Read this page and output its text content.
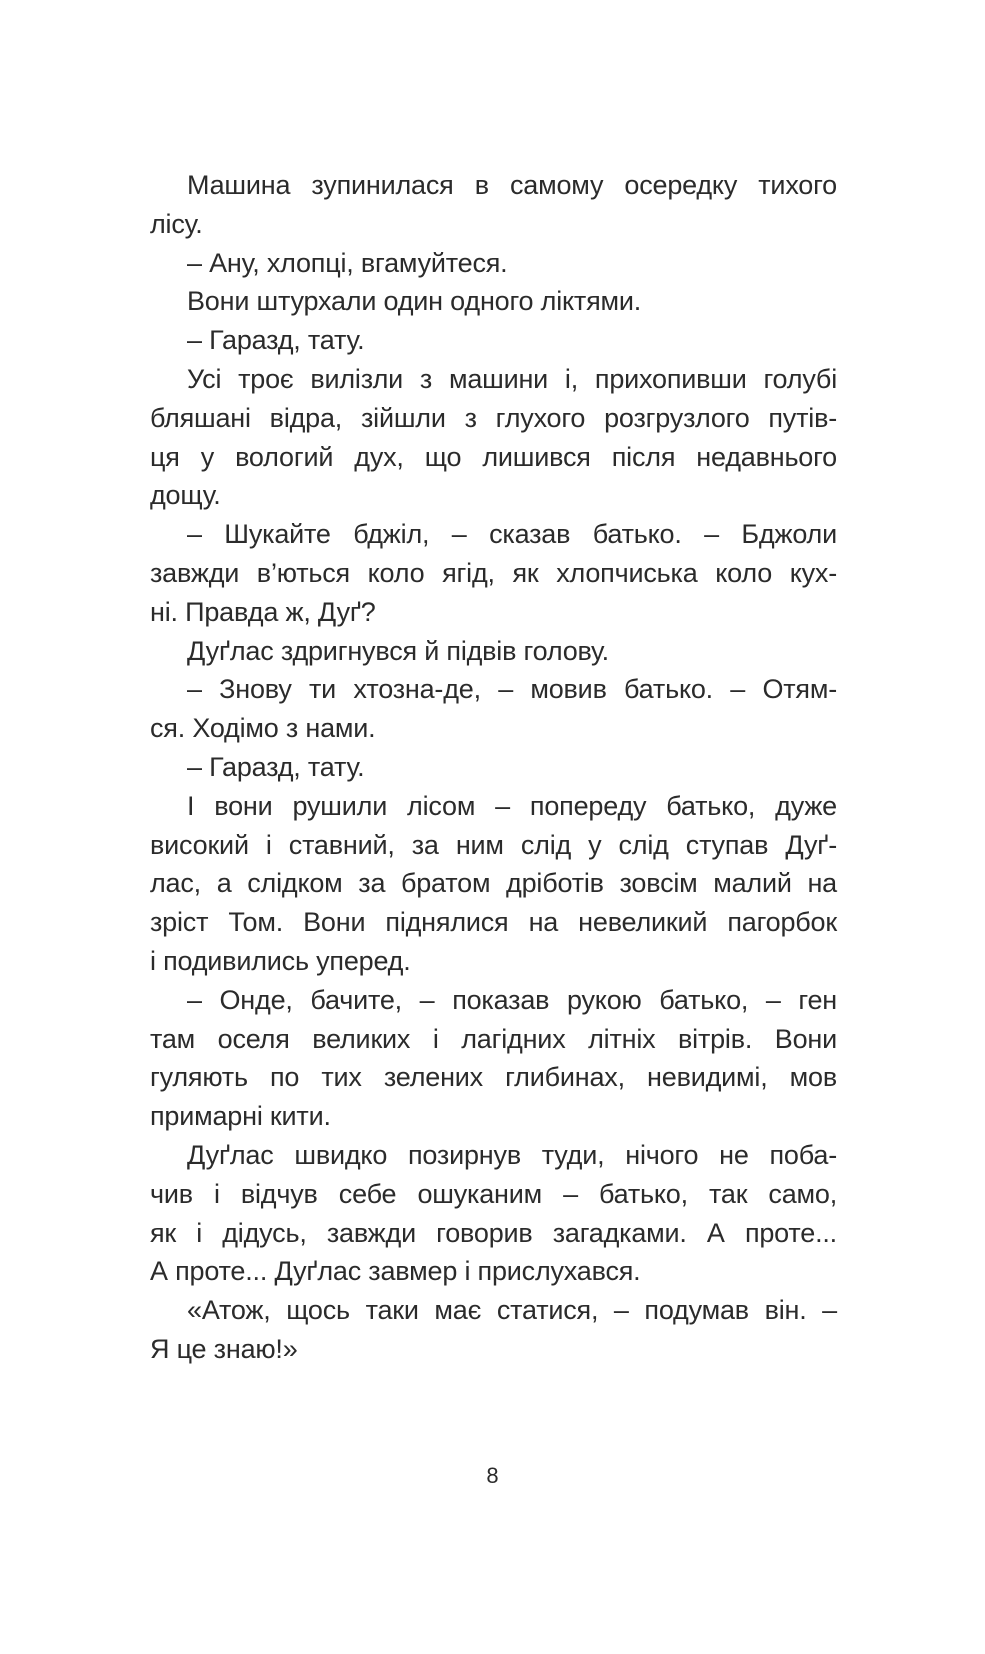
Машина зупинилася в самому осередку тихого
лісу.
– Ану, хлопці, вгамуйтеся.
Вони штурхали один одного ліктями.
– Гаразд, тату.
Усі троє вилізли з машини і, прихопивши голубі
бляшані відра, зійшли з глухого розгрузлого путів-
ця у вологий дух, що лишився після недавнього
дощу.
– Шукайте бджіл, – сказав батько. – Бджоли
завжди в’ються коло ягід, як хлопчиська коло кух-
ні. Правда ж, Дуґ?
Дуґлас здригнувся й підвів голову.
– Знову ти хтозна-де, – мовив батько. – Отям-
ся. Ходімо з нами.
– Гаразд, тату.
І вони рушили лісом – попереду батько, дуже
високий і ставний, за ним слід у слід ступав Дуґ-
лас, а слідком за братом дріботів зовсім малий на
зріст Том. Вони піднялися на невеликий пагорбок
і подивились уперед.
– Онде, бачите, – показав рукою батько, – ген
там оселя великих і лагідних літніх вітрів. Вони
гуляють по тих зелених глибинах, невидимі, мов
примарні кити.
Дуґлас швидко позирнув туди, нічого не поба-
чив і відчув себе ошуканим – батько, так само,
як і дідусь, завжди говорив загадками. А проте...
А проте... Дуґлас завмер і прислухався.
«Атож, щось таки має статися, – подумав він. –
Я це знаю!»
8
